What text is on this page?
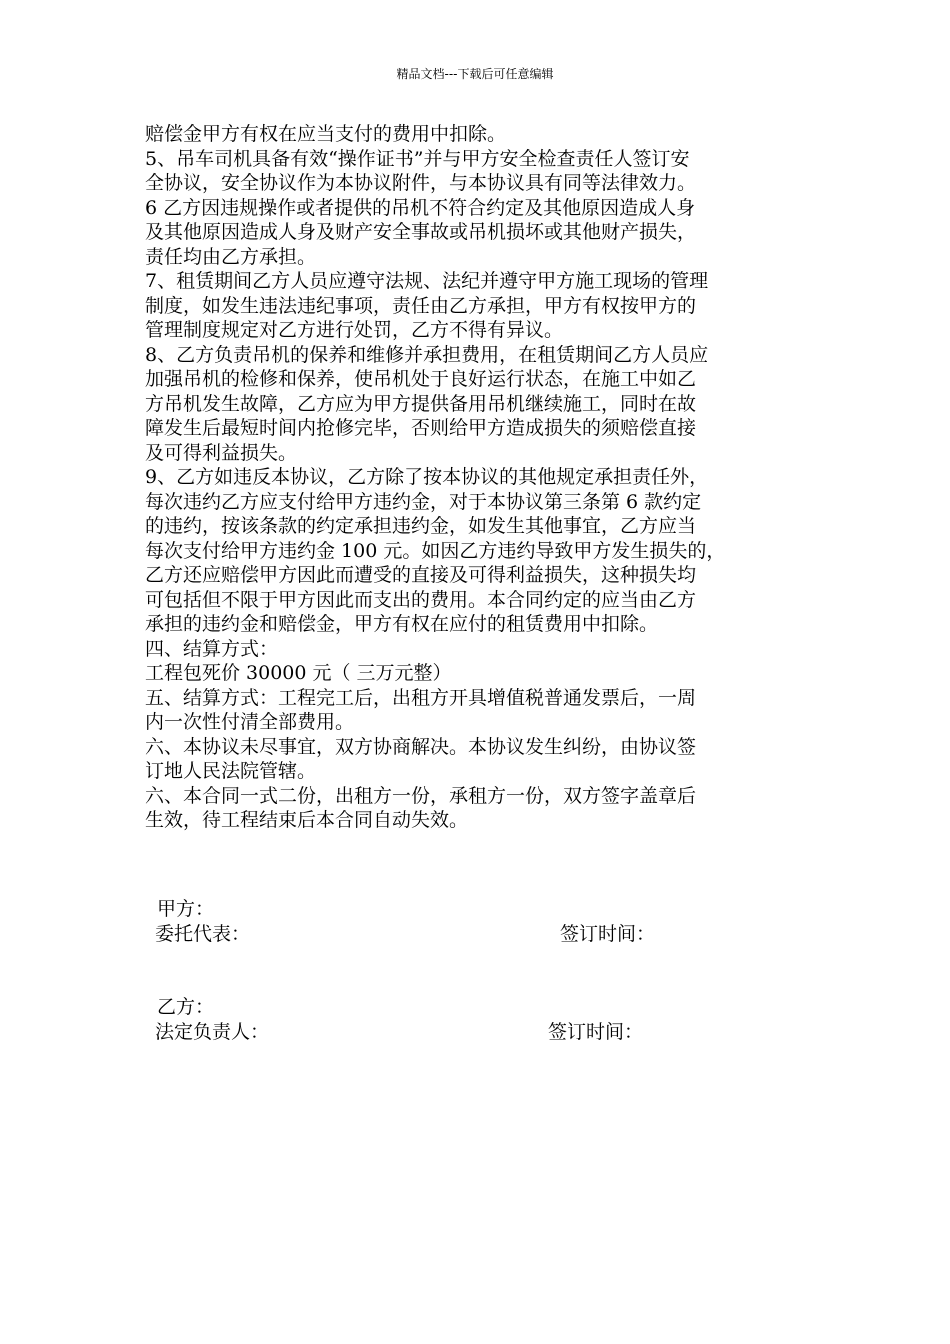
精品文档---下载后可任意编辑
赔偿金甲方有权在应当支付的费用中扣除。
5、吊车司机具备有效“操作证书”并与甲方安全检查责任人签订安
全协议，安全协议作为本协议附件，与本协议具有同等法律效力。
6 乙方因违规操作或者提供的吊机不符合约定及其他原因造成人身
及其他原因造成人身及财产安全事故或吊机损坏或其他财产损失，
责任均由乙方承担。
7、租赁期间乙方人员应遵守法规、法纪并遵守甲方施工现场的管理
制度，如发生违法违纪事项，责任由乙方承担，甲方有权按甲方的
管理制度规定对乙方进行处罚，乙方不得有异议。
8、乙方负责吊机的保养和维修并承担费用，在租赁期间乙方人员应
加强吊机的检修和保养，使吊机处于良好运行状态，在施工中如乙
方吊机发生故障，乙方应为甲方提供备用吊机继续施工，同时在故
障发生后最短时间内抢修完毕，否则给甲方造成损失的须赔偿直接
及可得利益损失。
9、乙方如违反本协议，乙方除了按本协议的其他规定承担责任外，
每次违约乙方应支付给甲方违约金，对于本协议第三条第 6 款约定
的违约，按该条款的约定承担违约金，如发生其他事宜，乙方应当
每次支付给甲方违约金 100 元。如因乙方违约导致甲方发生损失的，
乙方还应赔偿甲方因此而遭受的直接及可得利益损失，这种损失均
可包括但不限于甲方因此而支出的费用。本合同约定的应当由乙方
承担的违约金和赔偿金，甲方有权在应付的租赁费用中扣除。
四、结算方式：
工程包死价 30000 元（ 三万元整）
五、结算方式：工程完工后，出租方开具增值税普通发票后，一周
内一次性付清全部费用。
六、本协议未尽事宜，双方协商解决。本协议发生纠纷，由协议签
订地人民法院管辖。
六、本合同一式二份，出租方一份，承租方一份，双方签字盖章后
生效，待工程结束后本合同自动失效。
甲方：
委托代表：	签订时间：
乙方：
法定负责人：	签订时间：
